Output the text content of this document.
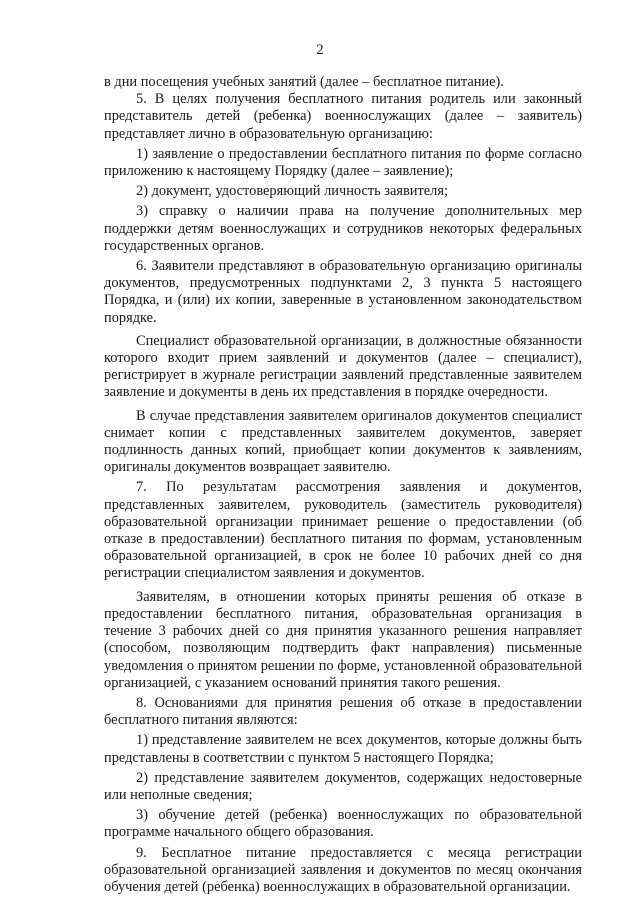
2

в дни посещения учебных занятий (далее – бесплатное питание).

5. В целях получения бесплатного питания родитель или законный представитель детей (ребенка) военнослужащих (далее – заявитель) представляет лично в образовательную организацию:

1) заявление о предоставлении бесплатного питания по форме согласно приложению к настоящему Порядку (далее – заявление);

2) документ, удостоверяющий личность заявителя;

3) справку о наличии права на получение дополнительных мер поддержки детям военнослужащих и сотрудников некоторых федеральных государственных органов.

6. Заявители представляют в образовательную организацию оригиналы документов, предусмотренных подпунктами 2, 3 пункта 5 настоящего Порядка, и (или) их копии, заверенные в установленном законодательством порядке.

Специалист образовательной организации, в должностные обязанности которого входит прием заявлений и документов (далее – специалист), регистрирует в журнале регистрации заявлений представленные заявителем заявление и документы в день их представления в порядке очередности.

В случае представления заявителем оригиналов документов специалист снимает копии с представленных заявителем документов, заверяет подлинность данных копий, приобщает копии документов к заявлениям, оригиналы документов возвращает заявителю.

7. По результатам рассмотрения заявления и документов, представленных заявителем, руководитель (заместитель руководителя) образовательной организации принимает решение о предоставлении (об отказе в предоставлении) бесплатного питания по формам, установленным образовательной организацией, в срок не более 10 рабочих дней со дня регистрации специалистом заявления и документов.

Заявителям, в отношении которых приняты решения об отказе в предоставлении бесплатного питания, образовательная организация в течение 3 рабочих дней со дня принятия указанного решения направляет (способом, позволяющим подтвердить факт направления) письменные уведомления о принятом решении по форме, установленной образовательной организацией, с указанием оснований принятия такого решения.

8. Основаниями для принятия решения об отказе в предоставлении бесплатного питания являются:

1) представление заявителем не всех документов, которые должны быть представлены в соответствии с пунктом 5 настоящего Порядка;

2) представление заявителем документов, содержащих недостоверные или неполные сведения;

3) обучение детей (ребенка) военнослужащих по образовательной программе начального общего образования.

9. Бесплатное питание предоставляется с месяца регистрации образовательной организацией заявления и документов по месяц окончания обучения детей (ребенка) военнослужащих в образовательной организации.
